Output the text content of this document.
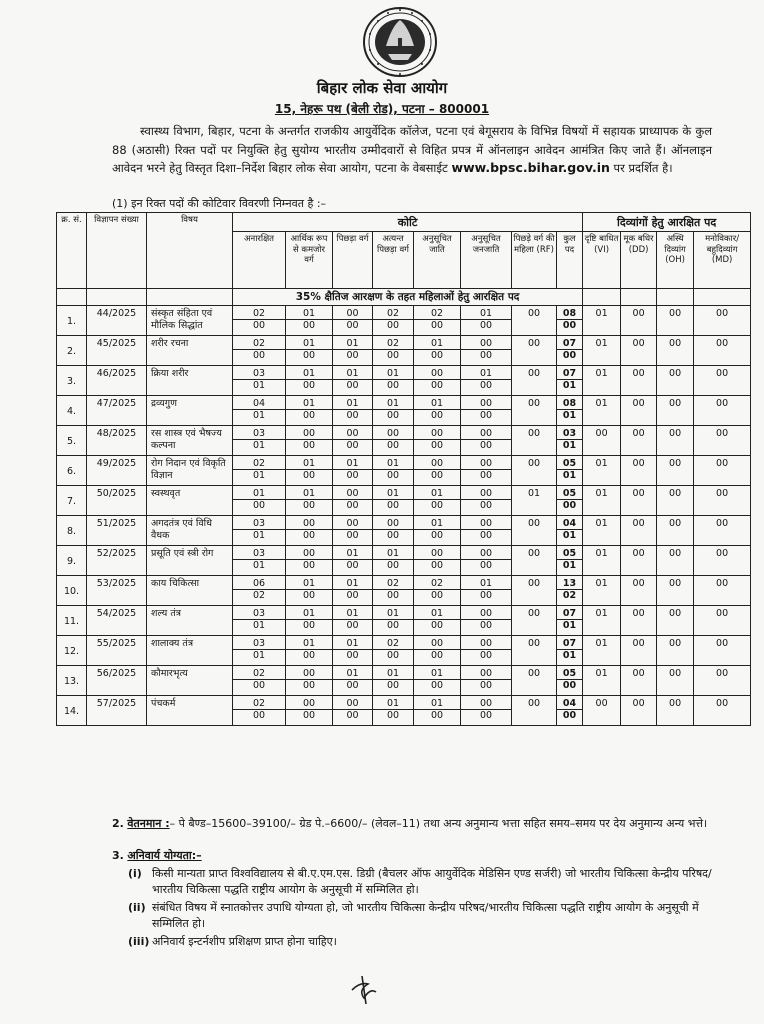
बिहार लोक सेवा आयोग
15, नेहरू पथ (बेली रोड), पटना – 800001
स्वास्थ्य विभाग, बिहार, पटना के अन्तर्गत राजकीय आयुर्वेदिक कॉलेज, पटना एवं बेगूसराय के विभिन्न विषयों में सहायक प्राध्यापक के कुल 88 (अठासी) रिक्त पदों पर नियुक्ति हेतु सुयोग्य भारतीय उम्मीदवारों से विहित प्रपत्र में ऑनलाइन आवेदन आमंत्रित किए जाते हैं। ऑनलाइन आवेदन भरने हेतु विस्तृत दिशा–निर्देश बिहार लोक सेवा आयोग, पटना के वेबसाईट www.bpsc.bihar.gov.in पर प्रदर्शित है।
(1) इन रिक्त पदों की कोटिवार विवरणी निम्नवत है :–
क्र. सं.	विज्ञापन संख्या	विषय	कोटि								दिव्यांगों हेतु आरक्षित पद			
			अनारक्षित	आर्थिक रूप से कमजोर वर्ग	पिछड़ा वर्ग	अत्यन्त पिछड़ा वर्ग	अनुसूचित जाति	अनुसूचित जनजाति	पिछड़े वर्ग की महिला (RF)	कुल पद	दृष्टि बाधित (VI)	मूक बधिर (DD)	अस्थि दिव्यांग (OH)	मनोविकार/ बहुदिव्यांग (MD)
			35% क्षैतिज आरक्षण के तहत महिलाओं हेतु आरक्षित पद											
1.	44/2025	संस्कृत संहिता एवं मौलिक सिद्धांत	02	01	00	02	02	01	00	08	01	00	00	00
			00	00	00	00	00	00		00				
2.	45/2025	शरीर रचना	02	01	01	02	01	00	00	07	01	00	00	00
			00	00	00	00	00	00		00				
3.	46/2025	क्रिया शरीर	03	01	01	01	00	01	00	07	01	00	00	00
			01	00	00	00	00	00		01				
4.	47/2025	द्रव्यगुण	04	01	01	01	01	00	00	08	01	00	00	00
			01	00	00	00	00	00		01				
5.	48/2025	रस शास्त्र एवं भैषज्य कल्पना	03	00	00	00	00	00	00	03	00	00	00	00
			01	00	00	00	00	00		01				
6.	49/2025	रोग निदान एवं विकृति विज्ञान	02	01	01	01	00	00	00	05	01	00	00	00
			01	00	00	00	00	00		01				
7.	50/2025	स्वस्थवृत	01	01	00	01	01	00	01	05	01	00	00	00
			00	00	00	00	00	00		00				
8.	51/2025	अगदतंत्र एवं विधि वैधक	03	00	00	00	01	00	00	04	01	00	00	00
			01	00	00	00	00	00		01				
9.	52/2025	प्रसूति एवं स्त्री रोग	03	00	01	01	00	00	00	05	01	00	00	00
			01	00	00	00	00	00		01				
10.	53/2025	काय चिकित्सा	06	01	01	02	02	01	00	13	01	00	00	00
			02	00	00	00	00	00		02				
11.	54/2025	शल्य तंत्र	03	01	01	01	01	00	00	07	01	00	00	00
			01	00	00	00	00	00		01				
12.	55/2025	शालाक्य तंत्र	03	01	01	02	00	00	00	07	01	00	00	00
			01	00	00	00	00	00		01				
13.	56/2025	कौमारभृत्य	02	00	01	01	01	00	00	05	01	00	00	00
			00	00	00	00	00	00		00				
14.	57/2025	पंचकर्म	02	00	00	01	01	00	00	04	00	00	00	00
			00	00	00	00	00	00		00				
2. वेतनमान :– पे बैण्ड–15600–39100/– ग्रेड पे.–6600/– (लेवल–11) तथा अन्य अनुमान्य भत्ता सहित समय–समय पर देय अनुमान्य अन्य भत्ते।
3. अनिवार्य योग्यता:–
(i) किसी मान्यता प्राप्त विश्वविद्यालय से बी.ए.एम.एस. डिग्री (बैचलर ऑफ आयुर्वेदिक मेडिसिन एण्ड सर्जरी) जो भारतीय चिकित्सा केन्द्रीय परिषद/भारतीय चिकित्सा पद्धति राष्ट्रीय आयोग के अनुसूची में सम्मिलित हो।
(ii) संबंधित विषय में स्नातकोत्तर उपाधि योग्यता हो, जो भारतीय चिकित्सा केन्द्रीय परिषद/भारतीय चिकित्सा पद्धति राष्ट्रीय आयोग के अनुसूची में सम्मिलित हो।
(iii) अनिवार्य इन्टर्नशीप प्रशिक्षण प्राप्त होना चाहिए।
